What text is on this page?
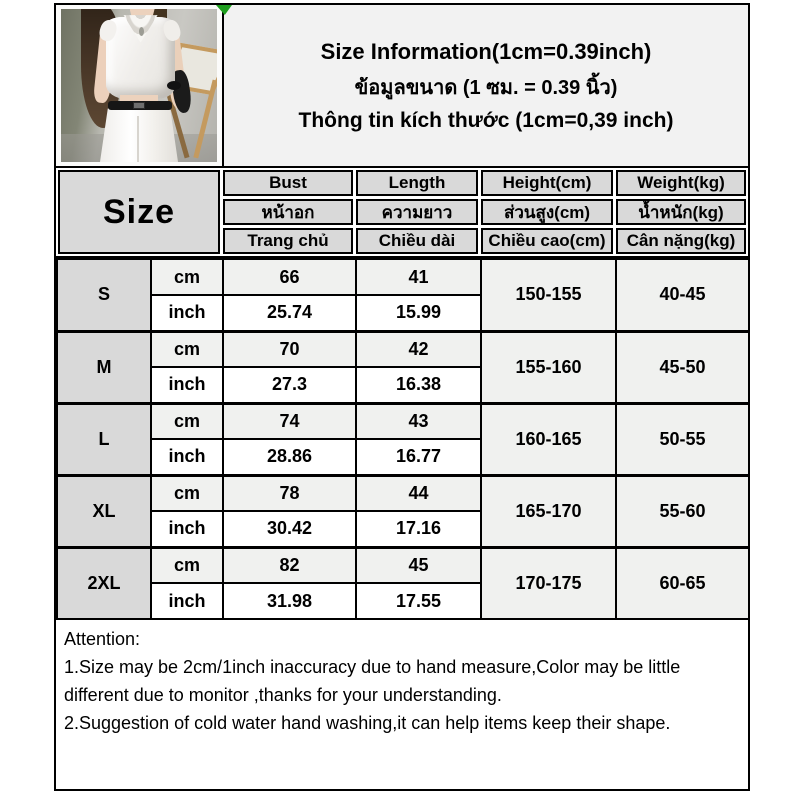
Size Information(1cm=0.39inch)
ข้อมูลขนาด (1 ซม. = 0.39 นิ้ว)
Thông tin kích thước (1cm=0,39 inch)
Size
Bust	Length	Height(cm)	Weight(kg)
หน้าอก	ความยาว	ส่วนสูง(cm)	น้ำหนัก(kg)
Trang chủ	Chiều dài	Chiều cao(cm)	Cân nặng(kg)
S	cm	66	41	150-155	40-45
	inch	25.74	15.99		
M	cm	70	42	155-160	45-50
	inch	27.3	16.38		
L	cm	74	43	160-165	50-55
	inch	28.86	16.77		
XL	cm	78	44	165-170	55-60
	inch	30.42	17.16		
2XL	cm	82	45	170-175	60-65
	inch	31.98	17.55		
Attention:
1.Size may be 2cm/1inch inaccuracy due to hand measure,Color may be little different due to monitor ,thanks for your understanding.
2.Suggestion of cold water hand washing,it can help items keep their shape.
